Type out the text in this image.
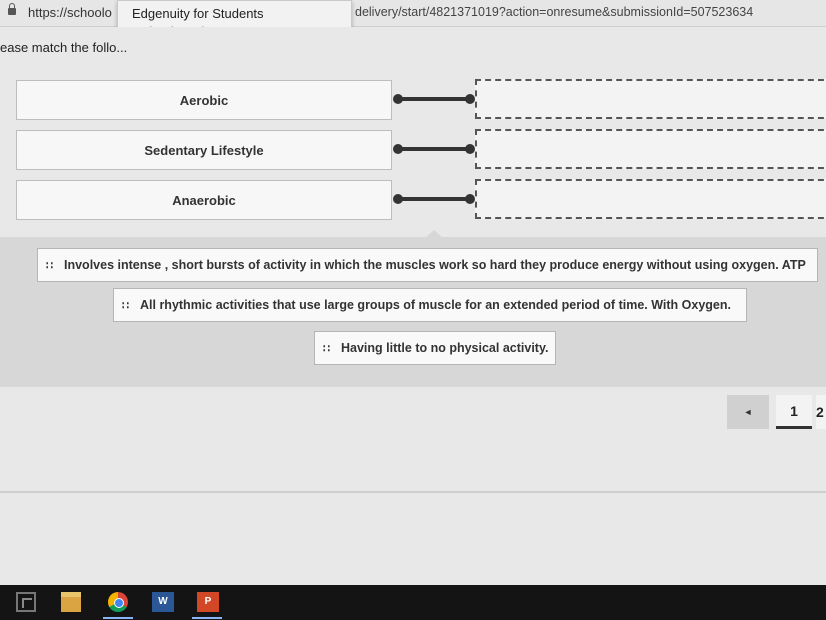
https://schoolo	delivery/start/4821371019?action=onresume&submissionId=507523634
Edgenuity for Students
ease match the follo...
Aerobic
Sedentary Lifestyle
Anaerobic
∷ Involves intense , short bursts of activity in which the muscles work so hard they produce energy without using oxygen. ATP
∷ All rhythmic activities that use large groups of muscle for an extended period of time. With Oxygen.
∷ Having little to no physical activity.
◄	1	2
W	P
